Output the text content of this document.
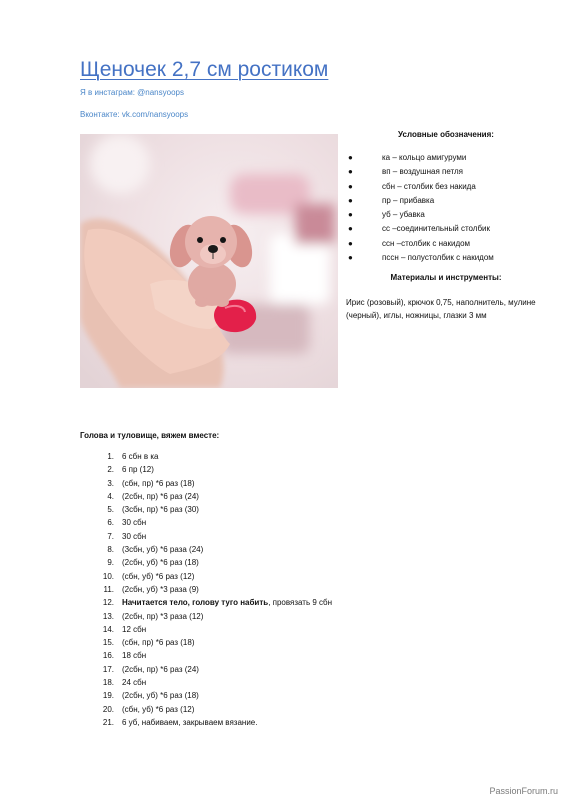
Щеночек 2,7 см ростиком
Я в инстаграм: @nansyoops
Вконтакте: vk.com/nansyoops

Условные обозначения:

●	ка – кольцо амигуруми
●	вп – воздушная петля
●	сбн – столбик без накида
●	пр – прибавка
●	уб – убавка
●	сс –соединительный столбик
●	ссн –столбик с накидом
●	пссн – полустолбик с накидом

Материалы и инструменты:

Ирис (розовый), крючок 0,75, наполнитель, мулине (черный), иглы, ножницы, глазки 3 мм
Голова и туловище, вяжем вместе:
1. 6 сбн в ка
2. 6 пр (12)
3. (сбн, пр) *6 раз (18)
4. (2сбн, пр) *6 раз (24)
5. (3сбн, пр) *6 раз (30)
6. 30 сбн
7. 30 сбн
8. (3сбн, уб) *6 раза (24)
9. (2сбн, уб) *6 раз (18)
10. (сбн, уб) *6 раз (12)
11. (2сбн, уб) *3 раза (9)
12. Начитается тело, голову туго набить, провязать 9 сбн
13. (2сбн, пр) *3 раза (12)
14. 12 сбн
15. (сбн, пр) *6 раз (18)
16. 18 сбн
17. (2сбн, пр) *6 раз (24)
18. 24 сбн
19. (2сбн, уб) *6 раз (18)
20. (сбн, уб) *6 раз (12)
21. 6 уб, набиваем, закрываем вязание.
PassionForum.ru
